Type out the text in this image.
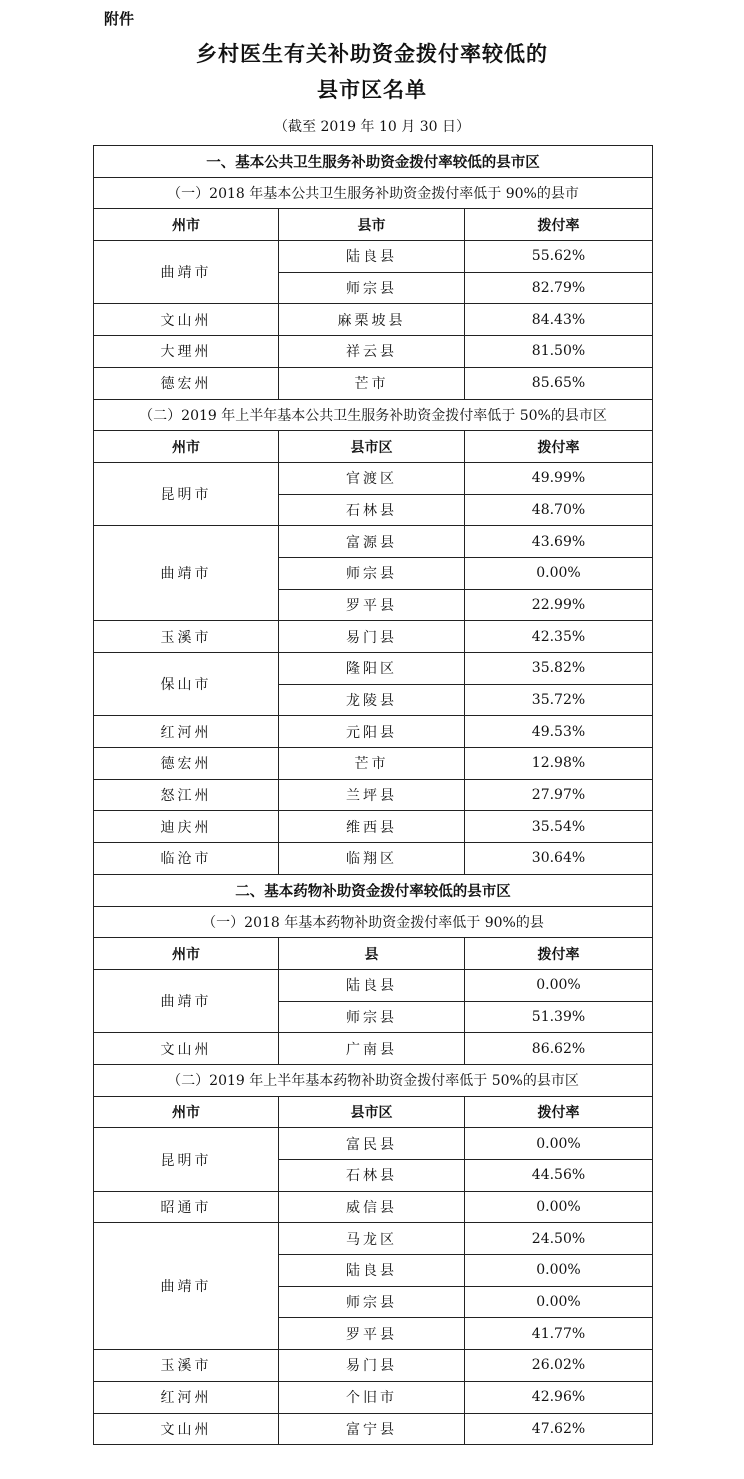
附件
乡村医生有关补助资金拨付率较低的
县市区名单
（截至 2019 年 10 月 30 日）
一、基本公共卫生服务补助资金拨付率较低的县市区		
（一）2018 年基本公共卫生服务补助资金拨付率低于 90%的县市		
州市	县市	拨付率
曲靖市	陆良县	55.62%
	师宗县	82.79%
文山州	麻栗坡县	84.43%
大理州	祥云县	81.50%
德宏州	芒市	85.65%
（二）2019 年上半年基本公共卫生服务补助资金拨付率低于 50%的县市区		
州市	县市区	拨付率
昆明市	官渡区	49.99%
	石林县	48.70%
曲靖市	富源县	43.69%
	师宗县	0.00%
	罗平县	22.99%
玉溪市	易门县	42.35%
保山市	隆阳区	35.82%
	龙陵县	35.72%
红河州	元阳县	49.53%
德宏州	芒市	12.98%
怒江州	兰坪县	27.97%
迪庆州	维西县	35.54%
临沧市	临翔区	30.64%
二、基本药物补助资金拨付率较低的县市区		
（一）2018 年基本药物补助资金拨付率低于 90%的县		
州市	县	拨付率
曲靖市	陆良县	0.00%
	师宗县	51.39%
文山州	广南县	86.62%
（二）2019 年上半年基本药物补助资金拨付率低于 50%的县市区		
州市	县市区	拨付率
昆明市	富民县	0.00%
	石林县	44.56%
昭通市	威信县	0.00%
曲靖市	马龙区	24.50%
	陆良县	0.00%
	师宗县	0.00%
	罗平县	41.77%
玉溪市	易门县	26.02%
红河州	个旧市	42.96%
文山州	富宁县	47.62%
